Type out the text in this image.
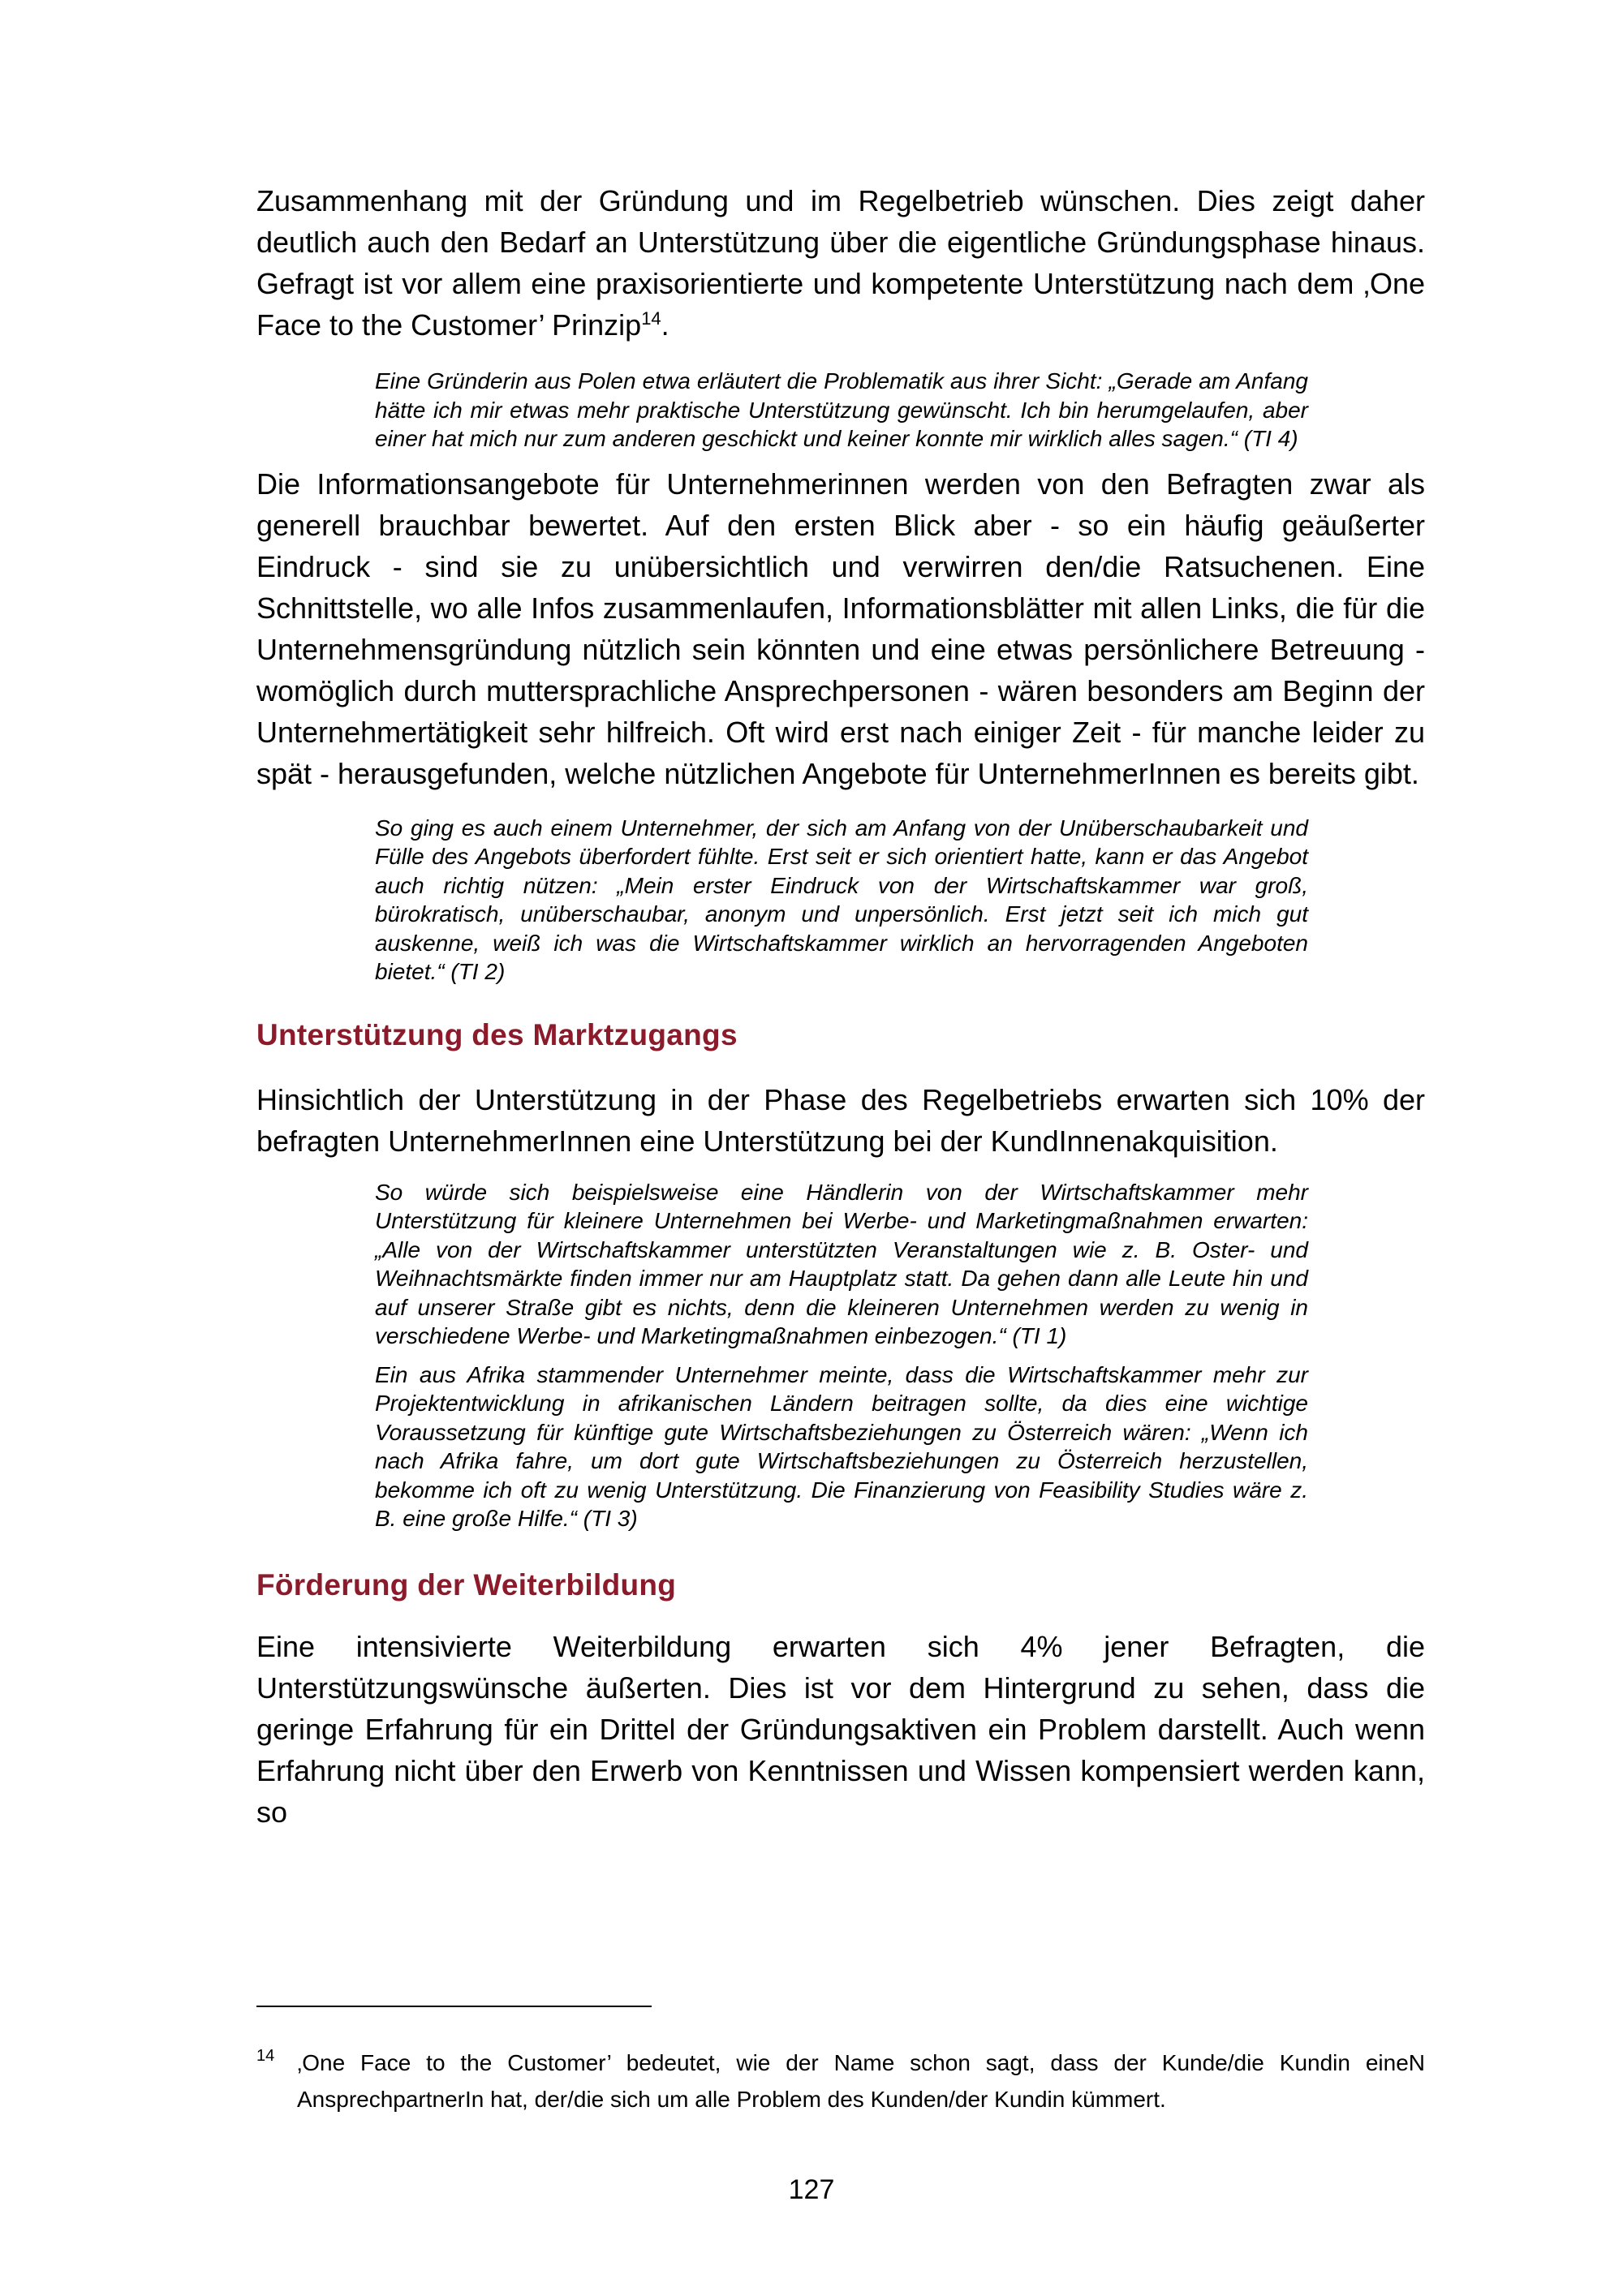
Zusammenhang mit der Gründung und im Regelbetrieb wünschen. Dies zeigt daher deutlich auch den Bedarf an Unterstützung über die eigentliche Gründungsphase hinaus. Gefragt ist vor allem eine praxisorientierte und kompetente Unterstützung nach dem ‚One Face to the Customer’ Prinzip$^{14}$.

Eine Gründerin aus Polen etwa erläutert die Problematik aus ihrer Sicht: „Gerade am Anfang hätte ich mir etwas mehr praktische Unterstützung gewünscht. Ich bin herumgelaufen, aber einer hat mich nur zum anderen geschickt und keiner konnte mir wirklich alles sagen.“ (TI 4)

Die Informationsangebote für Unternehmerinnen werden von den Befragten zwar als generell brauchbar bewertet. Auf den ersten Blick aber - so ein häufig geäußerter Eindruck - sind sie zu unübersichtlich und verwirren den/die Ratsuchenen. Eine Schnittstelle, wo alle Infos zusammenlaufen, Informationsblätter mit allen Links, die für die Unternehmensgründung nützlich sein könnten und eine etwas persönlichere Betreuung - womöglich durch muttersprachliche Ansprechpersonen - wären besonders am Beginn der Unternehmertätigkeit sehr hilfreich. Oft wird erst nach einiger Zeit - für manche leider zu spät - herausgefunden, welche nützlichen Angebote für UnternehmerInnen es bereits gibt.

So ging es auch einem Unternehmer, der sich am Anfang von der Unüberschaubarkeit und Fülle des Angebots überfordert fühlte. Erst seit er sich orientiert hatte, kann er das Angebot auch richtig nützen: „Mein erster Eindruck von der Wirtschaftskammer war groß, bürokratisch, unüberschaubar, anonym und unpersönlich. Erst jetzt seit ich mich gut auskenne, weiß ich was die Wirtschaftskammer wirklich an hervorragenden Angeboten bietet.“ (TI 2)

Unterstützung des Marktzugangs

Hinsichtlich der Unterstützung in der Phase des Regelbetriebs erwarten sich 10% der befragten UnternehmerInnen eine Unterstützung bei der KundInnenakquisition.

So würde sich beispielsweise eine Händlerin von der Wirtschaftskammer mehr Unterstützung für kleinere Unternehmen bei Werbe- und Marketingmaßnahmen erwarten: „Alle von der Wirtschaftskammer unterstützten Veranstaltungen wie z. B. Oster- und Weihnachtsmärkte finden immer nur am Hauptplatz statt. Da gehen dann alle Leute hin und auf unserer Straße gibt es nichts, denn die kleineren Unternehmen werden zu wenig in verschiedene Werbe- und Marketingmaßnahmen einbezogen.“ (TI 1)

Ein aus Afrika stammender Unternehmer meinte, dass die Wirtschaftskammer mehr zur Projektentwicklung in afrikanischen Ländern beitragen sollte, da dies eine wichtige Voraussetzung für künftige gute Wirtschaftsbeziehungen zu Österreich wären: „Wenn ich nach Afrika fahre, um dort gute Wirtschaftsbeziehungen zu Österreich herzustellen, bekomme ich oft zu wenig Unterstützung. Die Finanzierung von Feasibility Studies wäre z. B. eine große Hilfe.“ (TI 3)

Förderung der Weiterbildung

Eine intensivierte Weiterbildung erwarten sich 4% jener Befragten, die Unterstützungswünsche äußerten. Dies ist vor dem Hintergrund zu sehen, dass die geringe Erfahrung für ein Drittel der Gründungsaktiven ein Problem darstellt. Auch wenn Erfahrung nicht über den Erwerb von Kenntnissen und Wissen kompensiert werden kann, so

14 ‚One Face to the Customer’ bedeutet, wie der Name schon sagt, dass der Kunde/die Kundin eineN AnsprechpartnerIn hat, der/die sich um alle Problem des Kunden/der Kundin kümmert.
127
